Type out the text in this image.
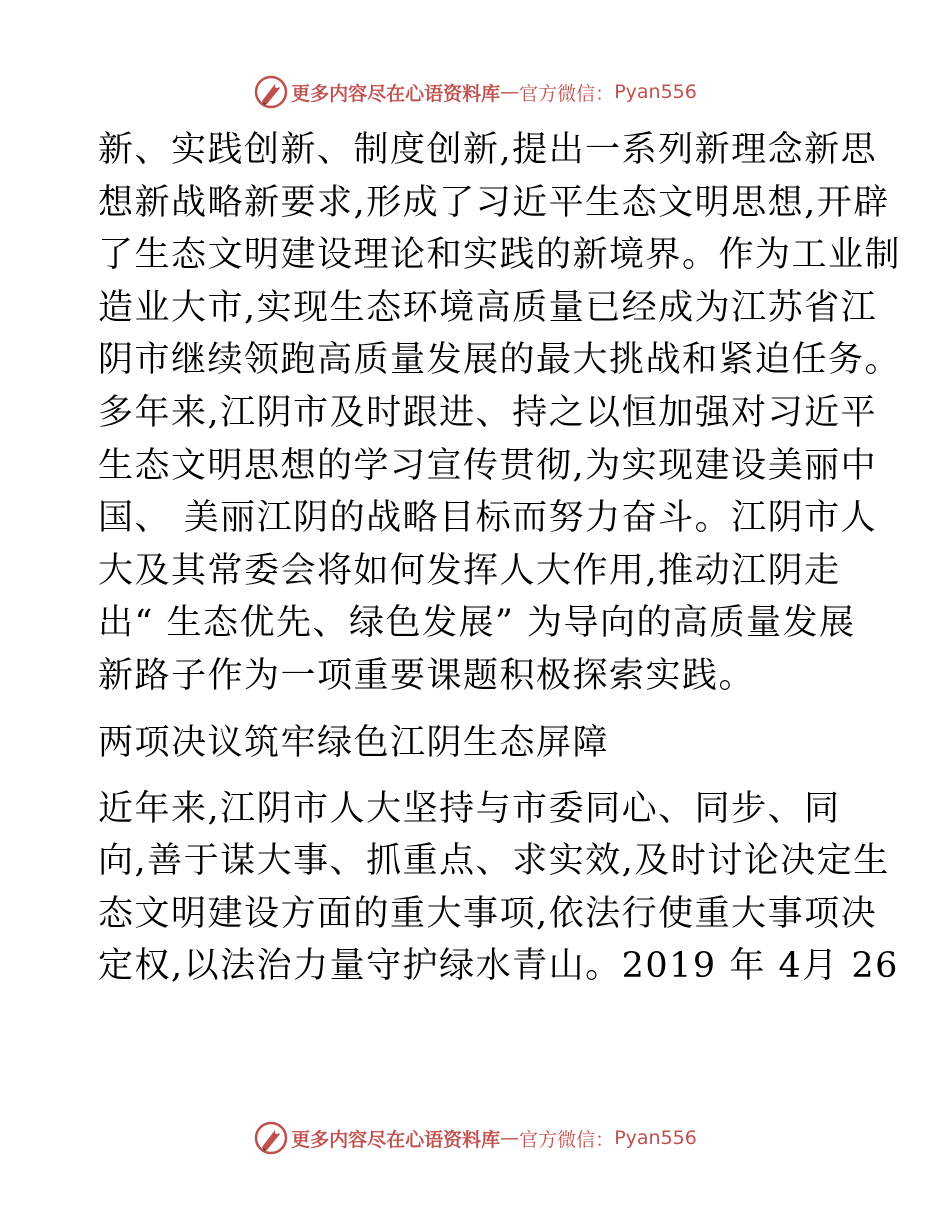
更多内容尽在心语资料库 — 官方微信： Pyan556

新、实践创新、制度创新,提出一系列新理念新思
想新战略新要求,形成了习近平生态文明思想,开辟
了生态文明建设理论和实践的新境界。作为工业制
造业大市,实现生态环境高质量已经成为江苏省江
阴市继续领跑高质量发展的最大挑战和紧迫任务。
多年来,江阴市及时跟进、持之以恒加强对习近平
生态文明思想的学习宣传贯彻,为实现建设美丽中
国、 美丽江阴的战略目标而努力奋斗。江阴市人
大及其常委会将如何发挥人大作用,推动江阴走
出“ 生态优先、绿色发展” 为导向的高质量发展
新路子作为一项重要课题积极探索实践。

两项决议筑牢绿色江阴生态屏障

近年来,江阴市人大坚持与市委同心、同步、同
向,善于谋大事、抓重点、求实效,及时讨论决定生
态文明建设方面的重大事项,依法行使重大事项决
定权,以法治力量守护绿水青山。2019 年 4月 26

更多内容尽在心语资料库 — 官方微信： Pyan556
